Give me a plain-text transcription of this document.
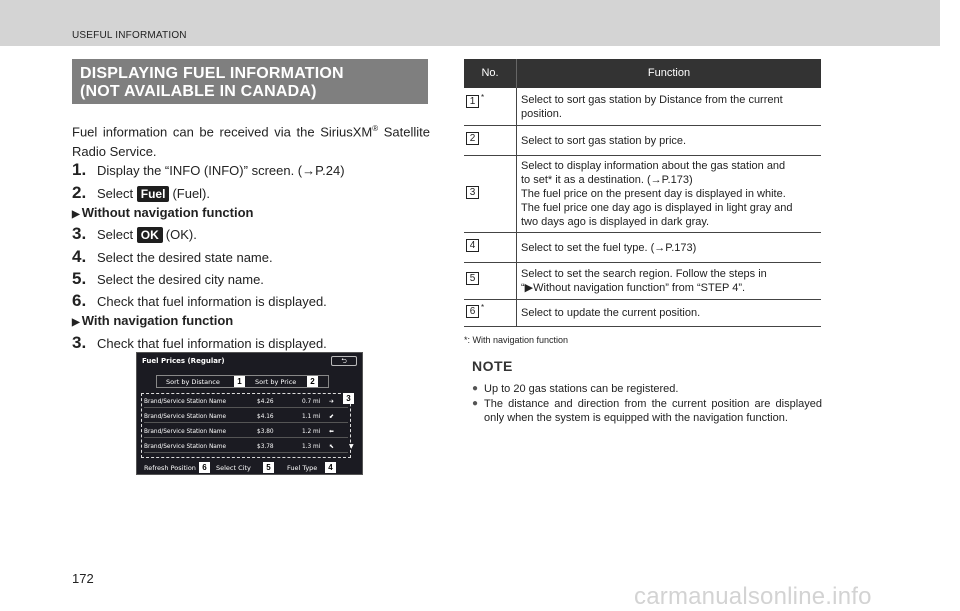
USEFUL INFORMATION
DISPLAYING FUEL INFORMATION
(NOT AVAILABLE IN CANADA)
Fuel information can be received via the SiriusXM® Satellite Radio Service.
1. Display the “INFO (INFO)” screen. ( → P.24)
2. Select
Fuel (Fuel).
▶ Without navigation function
3. Select
OK (OK).
4. Select the desired state name.
5. Select the desired city name.
6. Check that fuel information is displayed.
▶ With navigation function
3. Check that fuel information is displayed.
Fuel Prices (Regular)	⮌
Sort by Distance	1	Sort by Price	2
Brand/Service Station Name	$4.26	0.7 mi ➔
Brand/Service Station Name	$4.16	1.1 mi ⬋
Brand/Service Station Name	$3.80	1.2 mi ⬅
Brand/Service Station Name	$3.78	1.3 mi ⬉
3
▼
Refresh Position 6	Select City	5	Fuel Type	4
No.	Function
1 *	Select to sort gas station by Distance from the current
position.
2	Select to sort gas station by price.
3
Select to display information about the gas station and
to set* it as a destination. (→P.173)
The fuel price on the present day is displayed in white.
The fuel price one day ago is displayed in light gray and
two days ago is displayed in dark gray.
4	Select to set the fuel type. (→P.173)
5	Select to set the search region. Follow the steps in
“▶Without navigation function” from “STEP 4”.
6 *	Select to update the current position.
*: With navigation function
NOTE
● Up to 20 gas stations can be registered.
● The distance and direction from the current position are displayed only when the system is equipped with the navigation function.
172
carmanualsonline.info
